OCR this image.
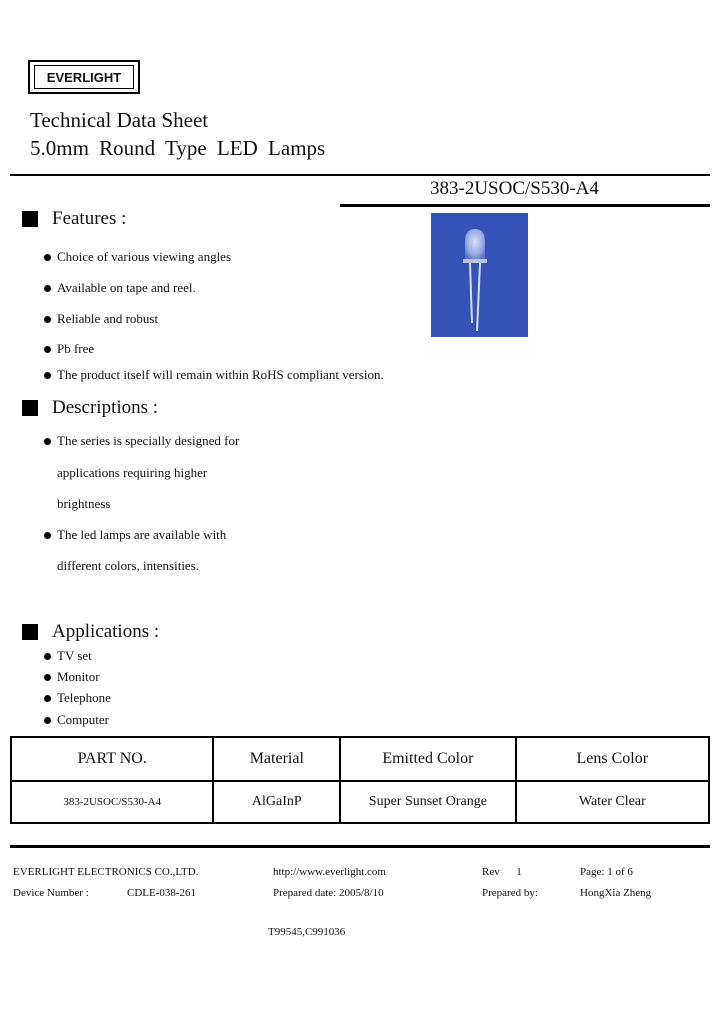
EVERLIGHT
Technical Data Sheet
5.0mm Round Type LED Lamps
383-2USOC/S530-A4
Features :
Choice of various viewing angles
Available on tape and reel.
Reliable and robust
Pb free
The product itself will remain within RoHS compliant version.
Descriptions :
The series is specially designed for
applications requiring higher
brightness
The led lamps are available with
different colors, intensities.
Applications :
TV set
Monitor
Telephone
Computer
PART NO.	Material	Emitted Color	Lens Color
383-2USOC/S530-A4	AlGaInP	Super Sunset Orange	Water Clear
EVERLIGHT ELECTRONICS CO.,LTD.	http://www.everlight.com	Rev      1	Page: 1 of 6
Device Number :	CDLE-038-261	Prepared date: 2005/8/10	Prepared by:	HongXia Zheng
T99545,C991036
